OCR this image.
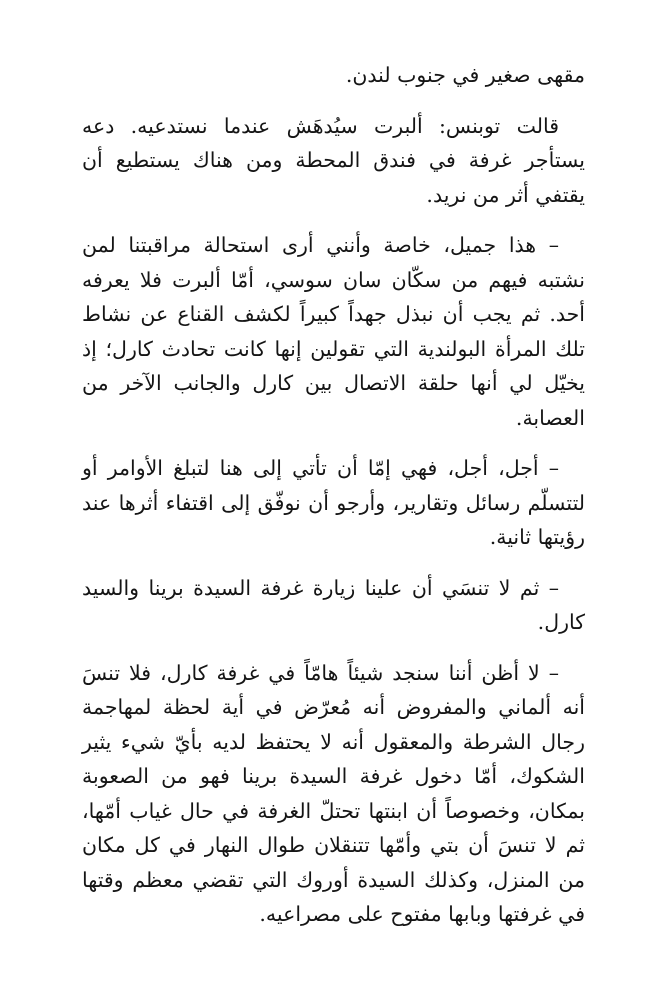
مقهى صغير في جنوب لندن.

قالت توبنس: ألبرت سيُدهَش عندما نستدعيه. دعه يستأجر غرفة في فندق المحطة ومن هناك يستطيع أن يقتفي أثر من نريد.

– هذا جميل، خاصة وأنني أرى استحالة مراقبتنا لمن نشتبه فيهم من سكّان سان سوسي، أمّا ألبرت فلا يعرفه أحد. ثم يجب أن نبذل جهداً كبيراً لكشف القناع عن نشاط تلك المرأة البولندية التي تقولين إنها كانت تحادث كارل؛ إذ يخيّل لي أنها حلقة الاتصال بين كارل والجانب الآخر من العصابة.

– أجل، أجل، فهي إمّا أن تأتي إلى هنا لتبلغ الأوامر أو لتتسلّم رسائل وتقارير، وأرجو أن نوفّق إلى اقتفاء أثرها عند رؤيتها ثانية.

– ثم لا تنسَي أن علينا زيارة غرفة السيدة برينا والسيد كارل.

– لا أظن أننا سنجد شيئاً هامّاً في غرفة كارل، فلا تنسَ أنه ألماني والمفروض أنه مُعرّض في أية لحظة لمهاجمة رجال الشرطة والمعقول أنه لا يحتفظ لديه بأيّ شيء يثير الشكوك، أمّا دخول غرفة السيدة برينا فهو من الصعوبة بمكان، وخصوصاً أن ابنتها تحتلّ الغرفة في حال غياب أمّها، ثم لا تنسَ أن بتي وأمّها تتنقلان طوال النهار في كل مكان من المنزل، وكذلك السيدة أوروك التي تقضي معظم وقتها في غرفتها وبابها مفتوح على مصراعيه.
